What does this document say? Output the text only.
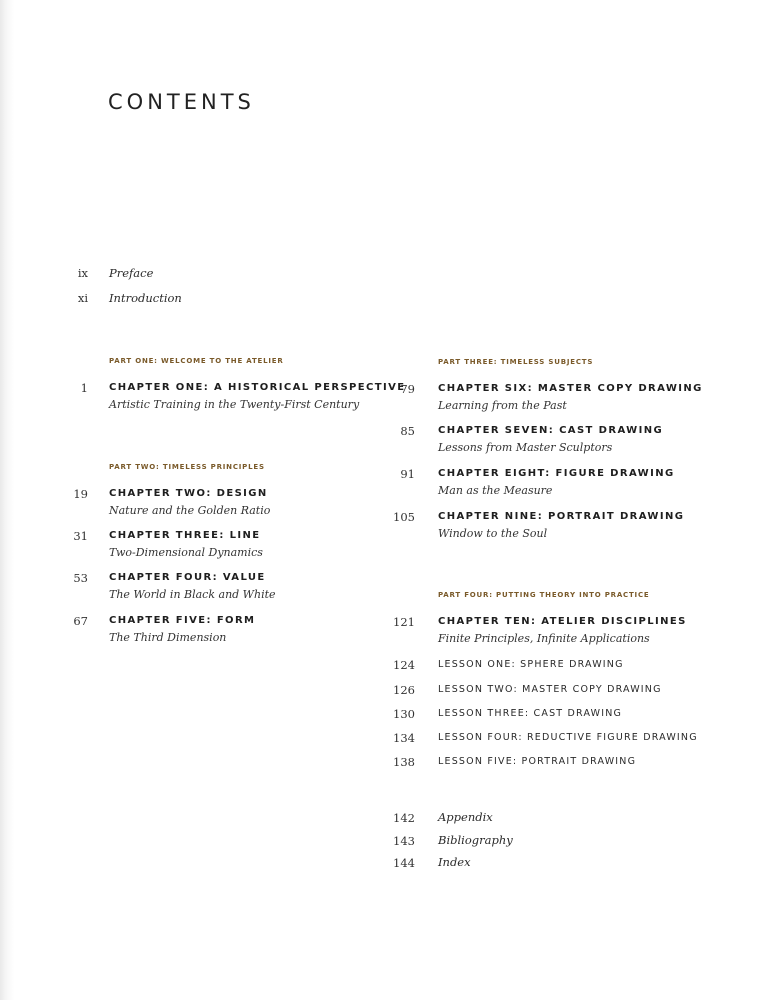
CONTENTS
ix Preface
xi Introduction
PART ONE: WELCOME TO THE ATELIER
1 CHAPTER ONE: A HISTORICAL PERSPECTIVE
Artistic Training in the Twenty-First Century
PART TWO: TIMELESS PRINCIPLES
19 CHAPTER TWO: DESIGN
Nature and the Golden Ratio
31 CHAPTER THREE: LINE
Two-Dimensional Dynamics
53 CHAPTER FOUR: VALUE
The World in Black and White
67 CHAPTER FIVE: FORM
The Third Dimension
PART THREE: TIMELESS SUBJECTS
79 CHAPTER SIX: MASTER COPY DRAWING
Learning from the Past
85 CHAPTER SEVEN: CAST DRAWING
Lessons from Master Sculptors
91 CHAPTER EIGHT: FIGURE DRAWING
Man as the Measure
105 CHAPTER NINE: PORTRAIT DRAWING
Window to the Soul
PART FOUR: PUTTING THEORY INTO PRACTICE
121 CHAPTER TEN: ATELIER DISCIPLINES
Finite Principles, Infinite Applications
124 LESSON ONE: SPHERE DRAWING
126 LESSON TWO: MASTER COPY DRAWING
130 LESSON THREE: CAST DRAWING
134 LESSON FOUR: REDUCTIVE FIGURE DRAWING
138 LESSON FIVE: PORTRAIT DRAWING
142 Appendix
143 Bibliography
144 Index
